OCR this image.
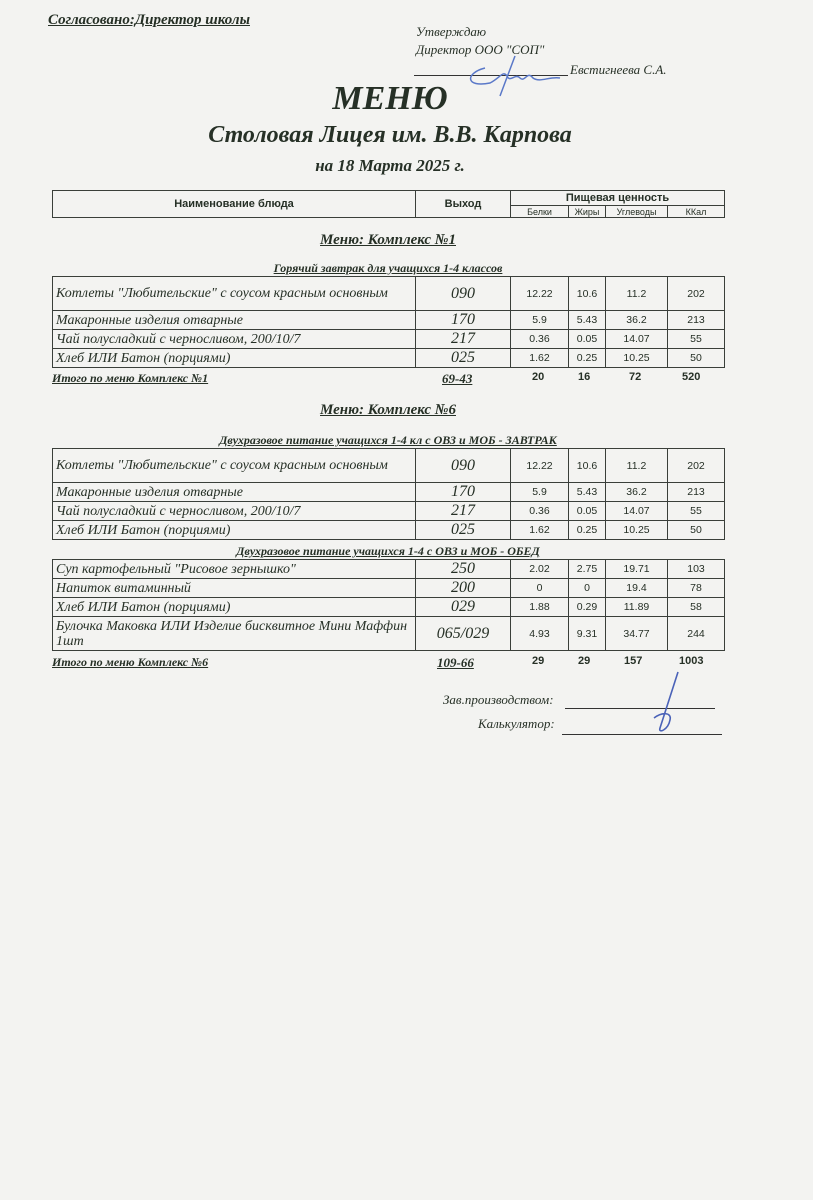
Согласовано:Директор школы
Утверждаю
Директор ООО "СОП"
Евстигнеева С.А.
МЕНЮ
Столовая Лицея им. В.В. Карпова
на 18 Марта 2025 г.
Наименование блюда	Выход	Пищевая ценность			
		Белки	Жиры	Углеводы	ККал
Меню: Комплекс №1
Горячий завтрак для учащихся 1-4 классов
Котлеты "Любительские" с соусом красным основным	090	12.22	10.6	11.2	202
Макаронные изделия отварные	170	5.9	5.43	36.2	213
Чай полусладкий с черносливом, 200/10/7	217	0.36	0.05	14.07	55
Хлеб ИЛИ Батон (порциями)	025	1.62	0.25	10.25	50
Итого по меню Комплекс №1	69-43	20	16	72	520
Меню: Комплекс №6
Двухразовое питание учащихся 1-4 кл с ОВЗ и МОБ - ЗАВТРАК
Котлеты "Любительские" с соусом красным основным	090	12.22	10.6	11.2	202
Макаронные изделия отварные	170	5.9	5.43	36.2	213
Чай полусладкий с черносливом, 200/10/7	217	0.36	0.05	14.07	55
Хлеб ИЛИ Батон (порциями)	025	1.62	0.25	10.25	50
Двухразовое питание учащихся 1-4 с ОВЗ и МОБ - ОБЕД
Суп картофельный "Рисовое зернышко"	250	2.02	2.75	19.71	103
Напиток витаминный	200	0	0	19.4	78
Хлеб ИЛИ Батон (порциями)	029	1.88	0.29	11.89	58
Булочка Маковка ИЛИ Изделие бисквитное Мини Маффин 1шт	065/029	4.93	9.31	34.77	244
Итого по меню Комплекс №6	109-66	29	29	157	1003
Зав.производством:
Калькулятор:
